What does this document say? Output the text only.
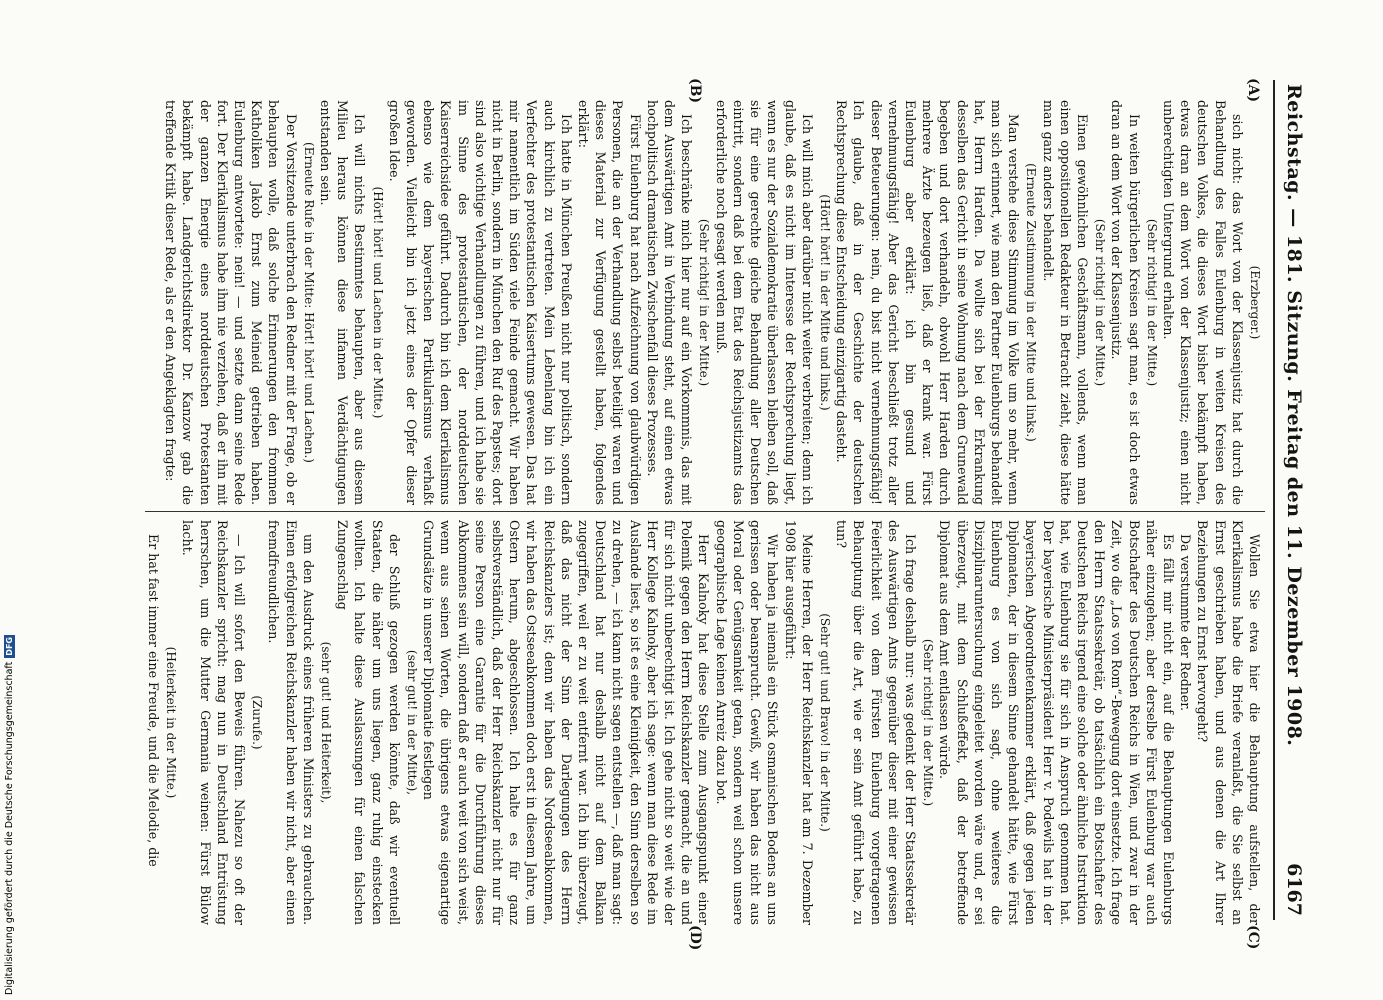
Reichstag. — 181. Sitzung. Freitag den 11. Dezember 1908.
6167
(A)
(B)
(C)
(D)

(Erzberger.)

sich nicht: das Wort von der Klassenjustiz hat durch die Behandlung des Falles Eulenburg in weiten Kreisen des deutschen Volkes, die dieses Wort bisher bekämpft haben, etwas dran an dem Wort von der Klassenjustiz; einen nicht unberechtigten Untergrund erhalten.

(Sehr richtig! in der Mitte.)

In weiten bürgerlichen Kreisen sagt man, es ist doch etwas dran an dem Wort von der Klassenjustiz.

(Sehr richtig! in der Mitte.)

Einen gewöhnlichen Geschäftsmann, vollends, wenn man einen oppositionellen Redakteur in Betracht zieht, diese hätte man ganz anders behandelt.

(Erneute Zustimmung in der Mitte und links.)

Man verstehe diese Stimmung im Volke um so mehr, wenn man sich erinnert, wie man den Partner Eulenburgs behandelt hat, Herrn Harden. Da wollte sich bei der Erkrankung desselben das Gericht in seine Wohnung nach dem Grunewald begeben und dort verhandeln, obwohl Herr Harden durch mehrere Ärzte bezeugen ließ, daß er krank war. Fürst Eulenburg aber erklärt: ich bin gesund und vernehmungsfähig! Aber das Gericht beschließt trotz aller dieser Beteuerungen: nein, du bist nicht vernehmungsfähig! Ich glaube, daß in der Geschichte der deutschen Rechtsprechung diese Entscheidung einzigartig dasteht.

(Hört! hört! in der Mitte und links.)

Ich will mich aber darüber nicht weiter verbreiten; denn ich glaube, daß es nicht im Interesse der Rechtsprechung liegt, wenn es nur der Sozialdemokratie überlassen bleiben soll, daß sie für eine gerechte gleiche Behandlung aller Deutschen eintritt, sondern daß bei dem Etat des Reichsjustizamts das erforderliche noch gesagt werden muß.

(Sehr richtig! in der Mitte.)

Ich beschränke mich hier nur auf ein Vorkommnis, das mit dem Auswärtigen Amt in Verbindung steht, auf einen etwas hochpolitisch dramatischen Zwischenfall dieses Prozesses.

Fürst Eulenburg hat nach Aufzeichnung von glaubwürdigen Personen, die an der Verhandlung selbst beteiligt waren und dieses Material zur Verfügung gestellt haben, folgendes erklärt:

Ich hatte in München Preußen nicht nur politisch, sondern auch kirchlich zu vertreten. Mein Lebenlang bin ich ein Verfechter des protestantischen Kaisertums gewesen. Das hat mir namentlich im Süden viele Feinde gemacht. Wir haben nicht in Berlin, sondern in München den Ruf des Papstes; dort sind also wichtige Verhandlungen zu führen, und ich habe sie im Sinne des protestantischen, der norddeutschen Kaiserreichsidee geführt. Dadurch bin ich dem Klerikalismus ebenso wie dem bayerischen Partikularismus verhaßt geworden. Vielleicht bin ich jetzt eines der Opfer dieser großen Idee.

(Hört! hört! und Lachen in der Mitte.)

Ich will nichts Bestimmtes behaupten, aber aus diesem Milieu heraus können diese infamen Verdächtigungen entstanden sein.

(Erneute Rufe in der Mitte: Hört! hört! und Lachen.)

Der Vorsitzende unterbrach den Redner mit der Frage, ob er behaupten wolle, daß solche Erinnerungen den frommen Katholiken Jakob Ernst zum Meineid getrieben haben. Eulenburg antwortete: nein! — und setzte dann seine Rede fort. Der Klerikalismus habe ihm nie verziehen, daß er ihn mit der ganzen Energie eines norddeutschen Protestanten bekämpft habe. Landgerichtsdirektor Dr. Kanzow gab die treffende Kritik dieser Rede, als er den Angeklagten fragte:

Wollen Sie etwa hier die Behauptung aufstellen, der Klerikalismus habe die Briefe veranlaßt, die Sie selbst an Ernst geschrieben haben, und aus denen die Art Ihrer Beziehungen zu Ernst hervorgeht?

Da verstummte der Redner.

Es fällt mir nicht ein, auf die Behauptungen Eulenburgs näher einzugehen; aber derselbe Fürst Eulenburg war auch Botschafter des Deutschen Reichs in Wien, und zwar in der Zeit, wo die „Los von Rom“-Bewegung dort einsetzte. Ich frage den Herrn Staatssekretär, ob tatsächlich ein Botschafter des Deutschen Reichs irgend eine solche oder ähnliche Instruktion hat, wie Eulenburg sie für sich in Anspruch genommen hat. Der bayerische Ministerpräsident Herr v. Podewils hat in der bayerischen Abgeordnetenkammer erklärt, daß gegen jeden Diplomaten, der in diesem Sinne gehandelt hätte, wie Fürst Eulenburg es von sich sagt, ohne weiteres die Disziplinaruntersuchung eingeleitet worden wäre und, er sei überzeugt, mit dem Schlußeffekt, daß der betreffende Diplomat aus dem Amt entlassen würde.

(Sehr richtig! in der Mitte.)

Ich frage deshalb nur: was gedenkt der Herr Staatssekretär des Auswärtigen Amts gegenüber dieser mit einer gewissen Feierlichkeit von dem Fürsten Eulenburg vorgetragenen Behauptung über die Art, wie er sein Amt geführt habe, zu tun?

(Sehr gut! und Bravo! in der Mitte.)

Meine Herren, der Herr Reichskanzler hat am 7. Dezember 1908 hier ausgeführt:

Wir haben ja niemals ein Stück osmanischen Bodens an uns gerissen oder beansprucht. Gewiß, wir haben das nicht aus Moral oder Genügsamkeit getan, sondern weil schon unsere geographische Lage keinen Anreiz dazu bot.

Herr Kalnoky hat diese Stelle zum Ausgangspunkt einer Polemik gegen den Herrn Reichskanzler gemacht, die an und für sich nicht unberechtigt ist. Ich gehe nicht so weit wie der Herr Kollege Kalnoky, aber ich sage: wenn man diese Rede im Auslande liest, so ist es eine Kleinigkeit, den Sinn derselben so zu drehen, — ich kann nicht sagen entstellen —, daß man sagt: Deutschland hat nur deshalb nicht auf dem Balkan zugegriffen, weil er zu weit entfernt war. Ich bin überzeugt, daß das nicht der Sinn der Darlegungen des Herrn Reichskanzlers ist; denn wir haben das Nordseeabkommen, wir haben das Ostseeabkommen doch erst in diesem Jahre, um Ostern herum, abgeschlossen. Ich halte es für ganz selbstverständlich, daß der Herr Reichskanzler nicht nur für seine Person eine Garantie für die Durchführung dieses Abkommens sein will, sondern daß er auch weit von sich weist, wenn aus seinen Worten, die übrigens etwas eigenartige Grundsätze in unserer Diplomatie festlegen

(sehr gut! in der Mitte),

der Schluß gezogen werden könnte, daß wir eventuell Staaten, die näher um uns liegen, ganz ruhig einstecken wollten. Ich halte diese Auslassungen für einen falschen Zungenschlag

(sehr gut! und Heiterkeit),

um den Ausdruck eines früheren Ministers zu gebrauchen. Einen erfolgreichen Reichskanzler haben wir nicht, aber einen fremdfreundlichen.

(Zurufe.)

— Ich will sofort den Beweis führen. Nahezu so oft der Reichskanzler spricht: mag nun in Deutschland Entrüstung herrschen, um die Mutter Germania weinen: Fürst Bülow lacht.

(Heiterkeit in der Mitte.)

Er hat fast immer eine Freude, und die Melodie, die

Digitalisierung gefördert durch die Deutsche Forschungsgemeinschaft
DFG
